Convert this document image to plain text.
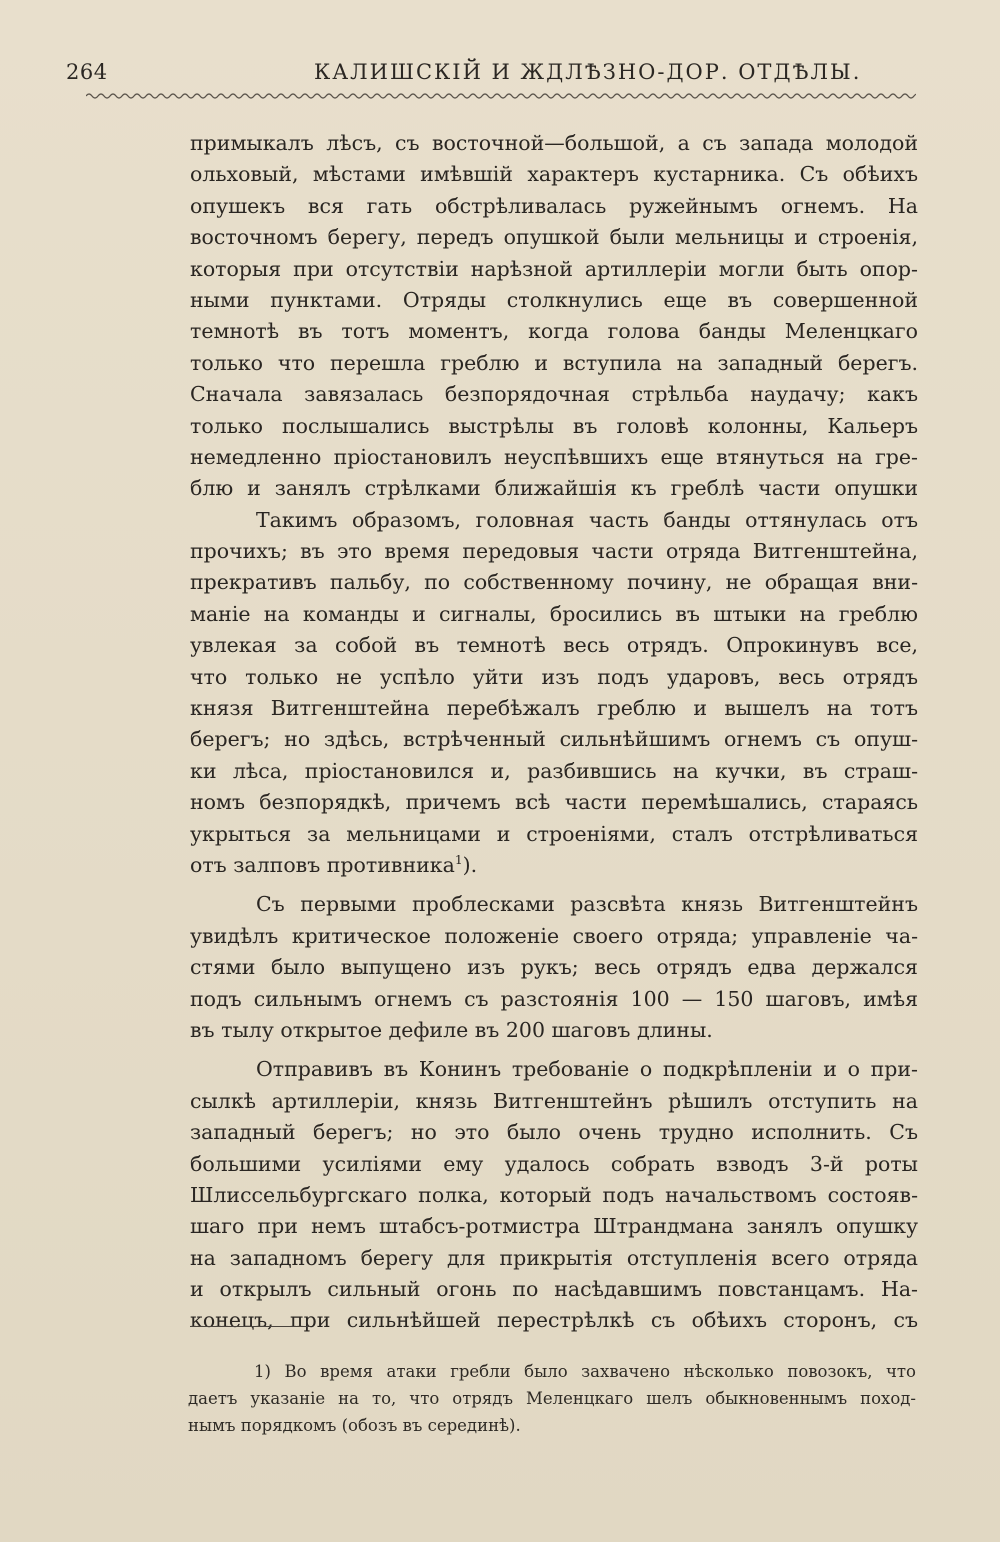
264	КАЛИШСКІЙ И ЖДЛѢЗНО-ДОР. ОТДѢЛЫ.
примыкалъ лѣсъ, съ восточной—большой, а съ запада молодой
ольховый, мѣстами имѣвшій характеръ кустарника. Съ обѣихъ
опушекъ вся гать обстрѣливалась ружейнымъ огнемъ. На
восточномъ берегу, передъ опушкой были мельницы и строенія,
которыя при отсутствіи нарѣзной артиллеріи могли быть опор-
ными пунктами. Отряды столкнулись еще въ совершенной
темнотѣ въ тотъ моментъ, когда голова банды Меленцкаго
только что перешла греблю и вступила на западный берегъ.
Сначала завязалась безпорядочная стрѣльба наудачу; какъ
только послышались выстрѣлы въ головѣ колонны, Кальеръ
немедленно пріостановилъ неуспѣвшихъ еще втянуться на гре-
блю и занялъ стрѣлками ближайшія къ греблѣ части опушки
Такимъ образомъ, головная часть банды оттянулась отъ
прочихъ; въ это время передовыя части отряда Витгенштейна,
прекративъ пальбу, по собственному почину, не обращая вни-
маніе на команды и сигналы, бросились въ штыки на греблю
увлекая за собой въ темнотѣ весь отрядъ. Опрокинувъ все,
что только не успѣло уйти изъ подъ ударовъ, весь отрядъ
князя Витгенштейна перебѣжалъ греблю и вышелъ на тотъ
берегъ; но здѣсь, встрѣченный сильнѣйшимъ огнемъ съ опуш-
ки лѣса, пріостановился и, разбившись на кучки, въ страш-
номъ безпорядкѣ, причемъ всѣ части перемѣшались, стараясь
укрыться за мельницами и строеніями, сталъ отстрѣливаться
отъ залповъ противника$^1$).
Съ первыми проблесками разсвѣта князь Витгенштейнъ
увидѣлъ критическое положеніе своего отряда; управленіе ча-
стями было выпущено изъ рукъ; весь отрядъ едва держался
подъ сильнымъ огнемъ съ разстоянія 100 — 150 шаговъ, имѣя
въ тылу открытое дефиле въ 200 шаговъ длины.
Отправивъ въ Конинъ требованіе о подкрѣпленіи и о при-
сылкѣ артиллеріи, князь Витгенштейнъ рѣшилъ отступить на
западный берегъ; но это было очень трудно исполнить. Съ
большими усиліями ему удалось собрать взводъ 3-й роты
Шлиссельбургскаго полка, который подъ начальствомъ состояв-
шаго при немъ штабсъ-ротмистра Штрандмана занялъ опушку
на западномъ берегу для прикрытія отступленія всего отряда
и открылъ сильный огонь по насѣдавшимъ повстанцамъ. На-
конецъ, при сильнѣйшей перестрѣлкѣ съ обѣихъ сторонъ, съ
1) Во время атаки гребли было захвачено нѣсколько повозокъ, что
даетъ указаніе на то, что отрядъ Меленцкаго шелъ обыкновеннымъ поход-
нымъ порядкомъ (обозъ въ серединѣ).
